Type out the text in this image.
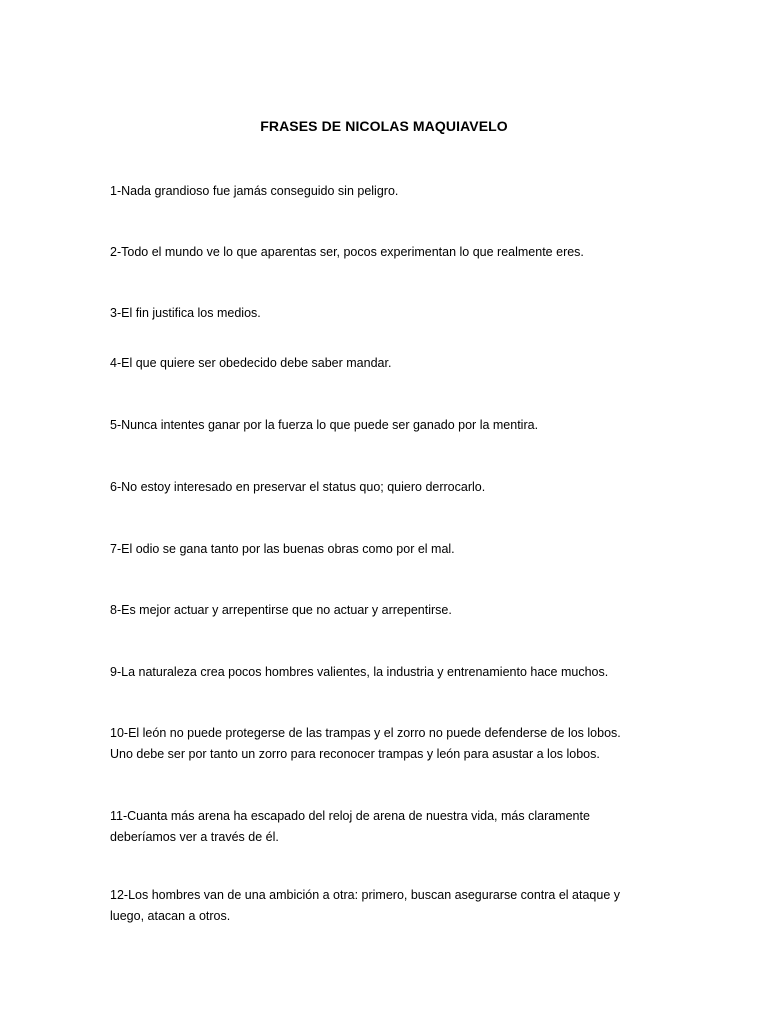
FRASES DE NICOLAS MAQUIAVELO
1-Nada grandioso fue jamás conseguido sin peligro.
2-Todo el mundo ve lo que aparentas ser, pocos experimentan lo que realmente eres.
3-El fin justifica los medios.
4-El que quiere ser obedecido debe saber mandar.
5-Nunca intentes ganar por la fuerza lo que puede ser ganado por la mentira.
6-No estoy interesado en preservar el status quo; quiero derrocarlo.
7-El odio se gana tanto por las buenas obras como por el mal.
8-Es mejor actuar y arrepentirse que no actuar y arrepentirse.
9-La naturaleza crea pocos hombres valientes, la industria y entrenamiento hace muchos.
10-El león no puede protegerse de las trampas y el zorro no puede defenderse de los lobos.
Uno debe ser por tanto un zorro para reconocer trampas y león para asustar a los lobos.
11-Cuanta más arena ha escapado del reloj de arena de nuestra vida, más claramente
deberíamos ver a través de él.
12-Los hombres van de una ambición a otra: primero, buscan asegurarse contra el ataque y
luego, atacan a otros.
